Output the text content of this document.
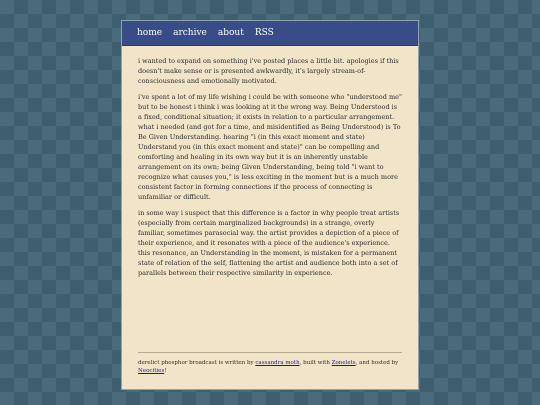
home archive about RSS

i wanted to expand on something i've posted places a little bit. apologies if this doesn't make sense or is presented awkwardly, it's largely stream-of-consciousness and emotionally motivated.

i've spent a lot of my life wishing i could be with someone who "understood me" but to be honest i think i was looking at it the wrong way. Being Understood is a fixed, conditional situation; it exists in relation to a particular arrangement. what i needed (and got for a time, and misidentified as Being Understood) is To Be Given Understanding. hearing "i (in this exact moment and state) Understand you (in this exact moment and state)" can be compelling and comforting and healing in its own way but it is an inherently unstable arrangement on its own; being Given Understanding, being told "i want to recognize what causes you," is less exciting in the moment but is a much more consistent factor in forming connections if the process of connecting is unfamiliar or difficult.

in some way i suspect that this difference is a factor in why people treat artists (especially from certain marginalized backgrounds) in a strange, overly familiar, sometimes parasocial way. the artist provides a depiction of a piece of their experience, and it resonates with a piece of the audience's experience. this resonance, an Understanding in the moment, is mistaken for a permanent state of relation of the self, flattening the artist and audience both into a set of parallels between their respective similarity in experience.

derelict phosphor broadcast is written by cassandra moth, built with Zonelets, and hosted by Neocities!
